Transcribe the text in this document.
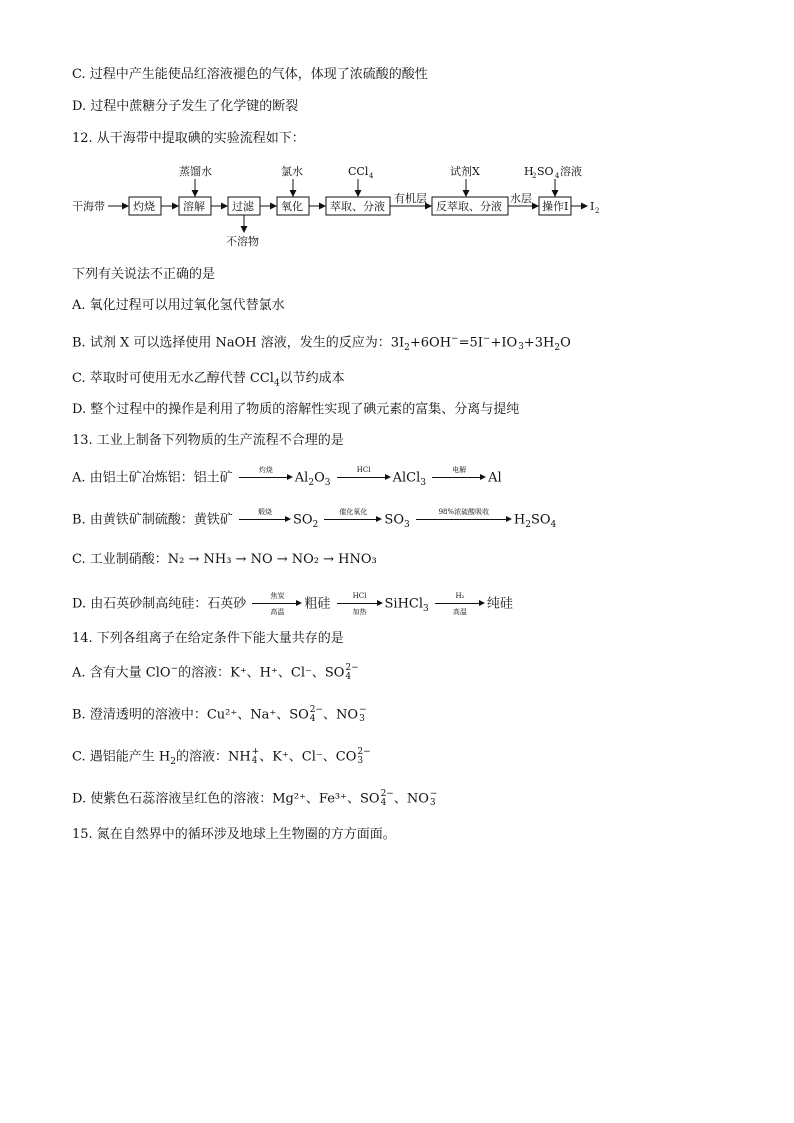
C. 过程中产生能使品红溶液褪色的气体，体现了浓硫酸的酸性
D. 过程中蔗糖分子发生了化学键的断裂
12. 从干海带中提取碘的实验流程如下：
干海带	灼烧	溶解
蒸馏水
过滤
不溶物
氧化
氯水
萃取、分液
CCl 4
有机层
反萃取、分液
试剂X
水层
操作Ⅰ
H
2 SO 4 溶液
I 2
下列有关说法不正确的是
A. 氧化过程可以用过氧化氢代替氯水
B. 试剂 X 可以选择使用 NaOH 溶液，发生的反应为：$3I_2+6OH^-=5I^-+IO$
$3 +3H_2O$
C. 萃取时可使用无水乙醇代替 CCl$_4$以节约成本
D. 整个过程中的操作是利用了物质的溶解性实现了碘元素的富集、分离与提纯
13. 工业上制备下列物质的生产流程不合理的是
A. 由铝土矿冶炼铝：铝土矿
灼烧
$Al_2O_3$
HCl
AlCl$_3$
电解
Al
B. 由黄铁矿制硫酸：黄铁矿
煅烧
$SO_2$
催化氧化
$SO_3$
98%浓硫酸吸收
$H_2SO_4$
C. 工业制硝酸：N₂ → NH₃ → NO → NO₂ → HNO₃
D. 由石英砂制高纯硅：石英砂
焦炭
高温
粗硅
HCl
加热
SiHCl$_3$
H₂
高温
纯硅
14. 下列各组离子在给定条件下能大量共存的是
A. 含有大量 ClO−的溶液：K⁺、H⁺、Cl⁻、SO 2−
4
B. 澄清透明的溶液中：Cu²⁺、Na⁺、SO 2−
4 、NO −
3
C. 遇铝能产生 $H_2$的溶液：NH +
4 、K⁺、Cl⁻、CO 2−
3
D. 使紫色石蕊溶液呈红色的溶液：Mg²⁺、Fe³⁺、SO 2−
4 、NO −
3
15. 氮在自然界中的循环涉及地球上生物圈的方方面面。
